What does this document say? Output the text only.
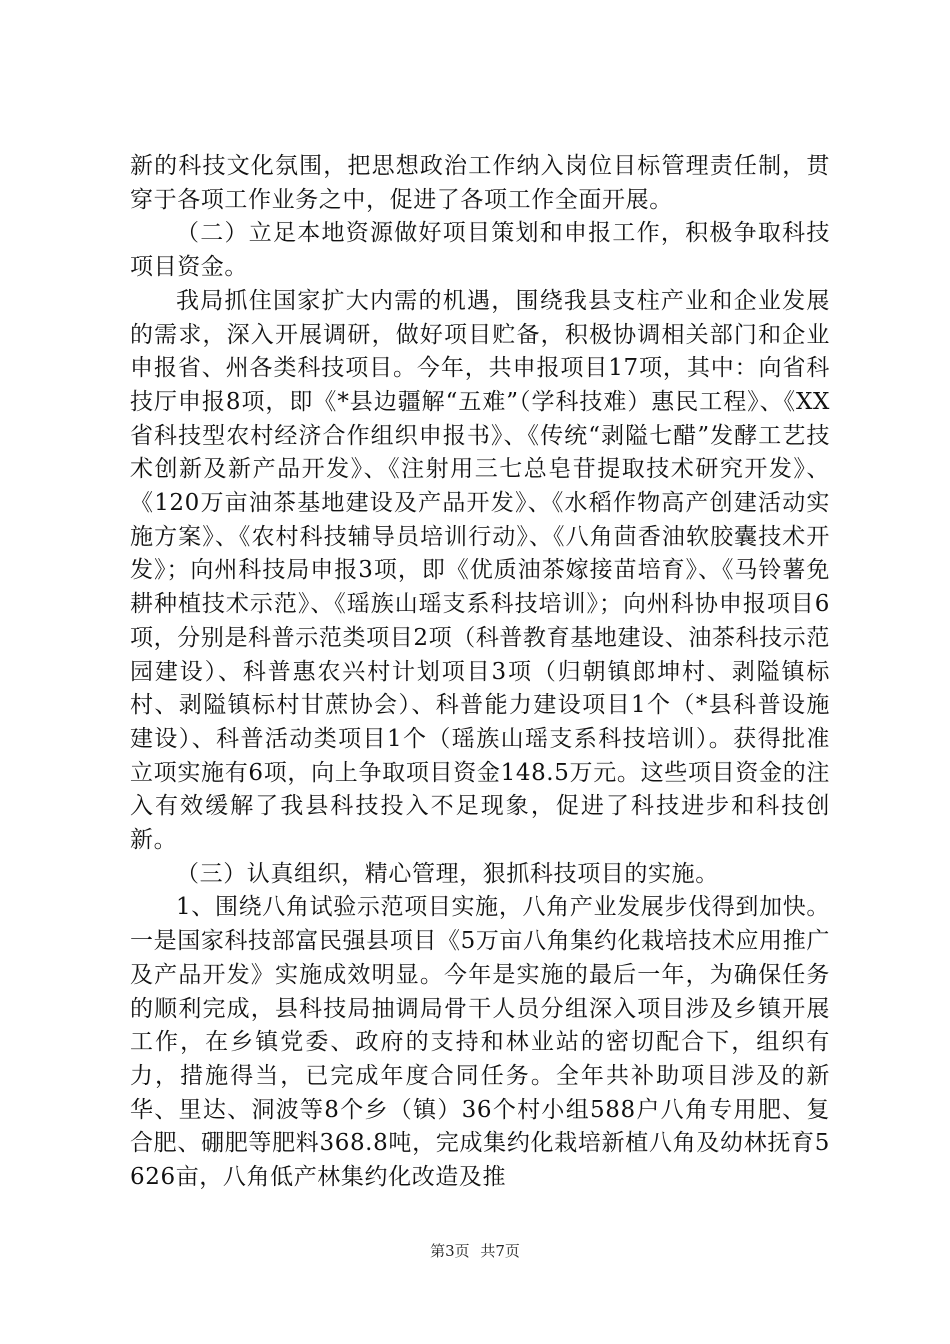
新的科技文化氛围，把思想政治工作纳入岗位目标管理责任制，贯穿于各项工作业务之中，促进了各项工作全面开展。

（二）立足本地资源做好项目策划和申报工作，积极争取科技项目资金。

我局抓住国家扩大内需的机遇，围绕我县支柱产业和企业发展的需求，深入开展调研，做好项目贮备，积极协调相关部门和企业申报省、州各类科技项目。今年，共申报项目17项，其中：向省科技厅申报8项，即《*县边疆解“五难”（学科技难）惠民工程》、《XX省科技型农村经济合作组织申报书》、《传统“剥隘七醋”发酵工艺技术创新及新产品开发》、《注射用三七总皂苷提取技术研究开发》、《120万亩油茶基地建设及产品开发》、《水稻作物高产创建活动实施方案》、《农村科技辅导员培训行动》、《八角茴香油软胶囊技术开发》；向州科技局申报3项，即《优质油茶嫁接苗培育》、《马铃薯免耕种植技术示范》、《瑶族山瑶支系科技培训》；向州科协申报项目6项，分别是科普示范类项目2项（科普教育基地建设、油茶科技示范园建设）、科普惠农兴村计划项目3项（归朝镇郎坤村、剥隘镇标村、剥隘镇标村甘蔗协会）、科普能力建设项目1个（*县科普设施建设）、科普活动类项目1个（瑶族山瑶支系科技培训）。获得批准立项实施有6项，向上争取项目资金148.5万元。这些项目资金的注入有效缓解了我县科技投入不足现象，促进了科技进步和科技创新。

（三）认真组织，精心管理，狠抓科技项目的实施。

1、围绕八角试验示范项目实施，八角产业发展步伐得到加快。一是国家科技部富民强县项目《5万亩八角集约化栽培技术应用推广及产品开发》实施成效明显。今年是实施的最后一年，为确保任务的顺利完成，县科技局抽调局骨干人员分组深入项目涉及乡镇开展工作，在乡镇党委、政府的支持和林业站的密切配合下，组织有力，措施得当，已完成年度合同任务。全年共补助项目涉及的新华、里达、洞波等8个乡（镇）36个村小组588户八角专用肥、复合肥、硼肥等肥料368.8吨，完成集约化栽培新植八角及幼林抚育5626亩，八角低产林集约化改造及推

第3页 共7页
